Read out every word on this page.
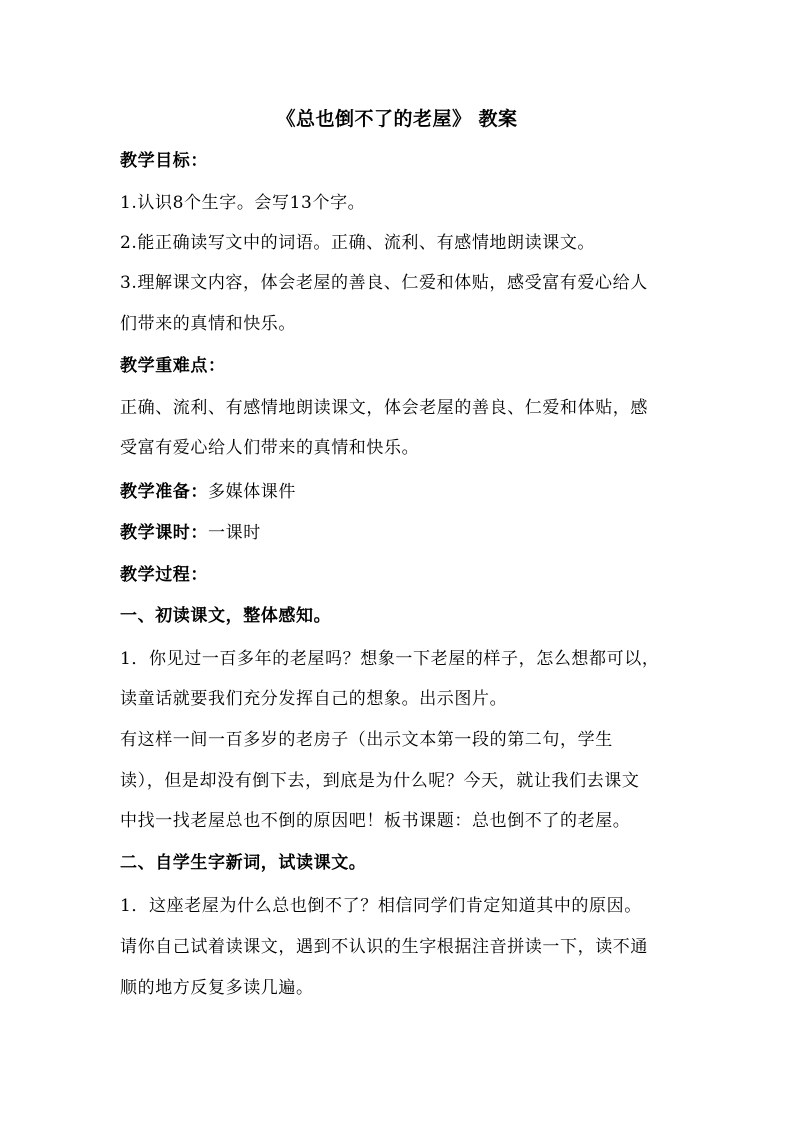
《总也倒不了的老屋》 教案
教学目标：
1.认识8个生字。会写13个字。
2.能正确读写文中的词语。正确、流利、有感情地朗读课文。
3.理解课文内容，体会老屋的善良、仁爱和体贴，感受富有爱心给人
们带来的真情和快乐。
教学重难点：
正确、流利、有感情地朗读课文，体会老屋的善良、仁爱和体贴，感
受富有爱心给人们带来的真情和快乐。
教学准备：多媒体课件
教学课时：一课时
教学过程：
一、初读课文，整体感知。
1．你见过一百多年的老屋吗？想象一下老屋的样子，怎么想都可以，
读童话就要我们充分发挥自己的想象。出示图片。
有这样一间一百多岁的老房子（出示文本第一段的第二句，学生
读），但是却没有倒下去，到底是为什么呢？今天，就让我们去课文
中找一找老屋总也不倒的原因吧！板书课题：总也倒不了的老屋。
二、自学生字新词，试读课文。
1．这座老屋为什么总也倒不了？相信同学们肯定知道其中的原因。
请你自己试着读课文，遇到不认识的生字根据注音拼读一下，读不通
顺的地方反复多读几遍。
